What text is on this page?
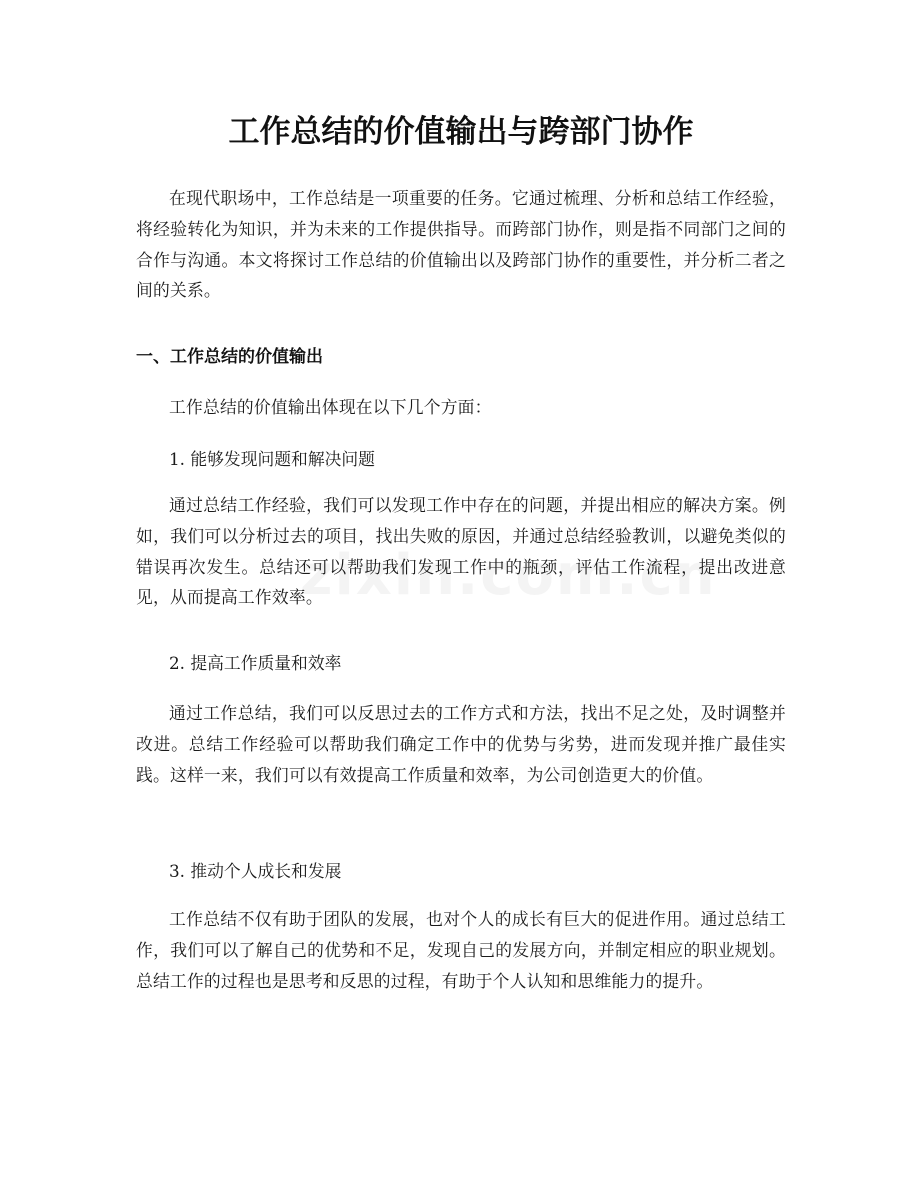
工作总结的价值输出与跨部门协作

在现代职场中，工作总结是一项重要的任务。它通过梳理、分析和总结工作经验，将经验转化为知识，并为未来的工作提供指导。而跨部门协作，则是指不同部门之间的合作与沟通。本文将探讨工作总结的价值输出以及跨部门协作的重要性，并分析二者之间的关系。

一、工作总结的价值输出

工作总结的价值输出体现在以下几个方面：

1. 能够发现问题和解决问题

通过总结工作经验，我们可以发现工作中存在的问题，并提出相应的解决方案。例如，我们可以分析过去的项目，找出失败的原因，并通过总结经验教训，以避免类似的错误再次发生。总结还可以帮助我们发现工作中的瓶颈，评估工作流程，提出改进意见，从而提高工作效率。

2. 提高工作质量和效率

通过工作总结，我们可以反思过去的工作方式和方法，找出不足之处，及时调整并改进。总结工作经验可以帮助我们确定工作中的优势与劣势，进而发现并推广最佳实践。这样一来，我们可以有效提高工作质量和效率，为公司创造更大的价值。

3. 推动个人成长和发展

工作总结不仅有助于团队的发展，也对个人的成长有巨大的促进作用。通过总结工作，我们可以了解自己的优势和不足，发现自己的发展方向，并制定相应的职业规划。总结工作的过程也是思考和反思的过程，有助于个人认知和思维能力的提升。
